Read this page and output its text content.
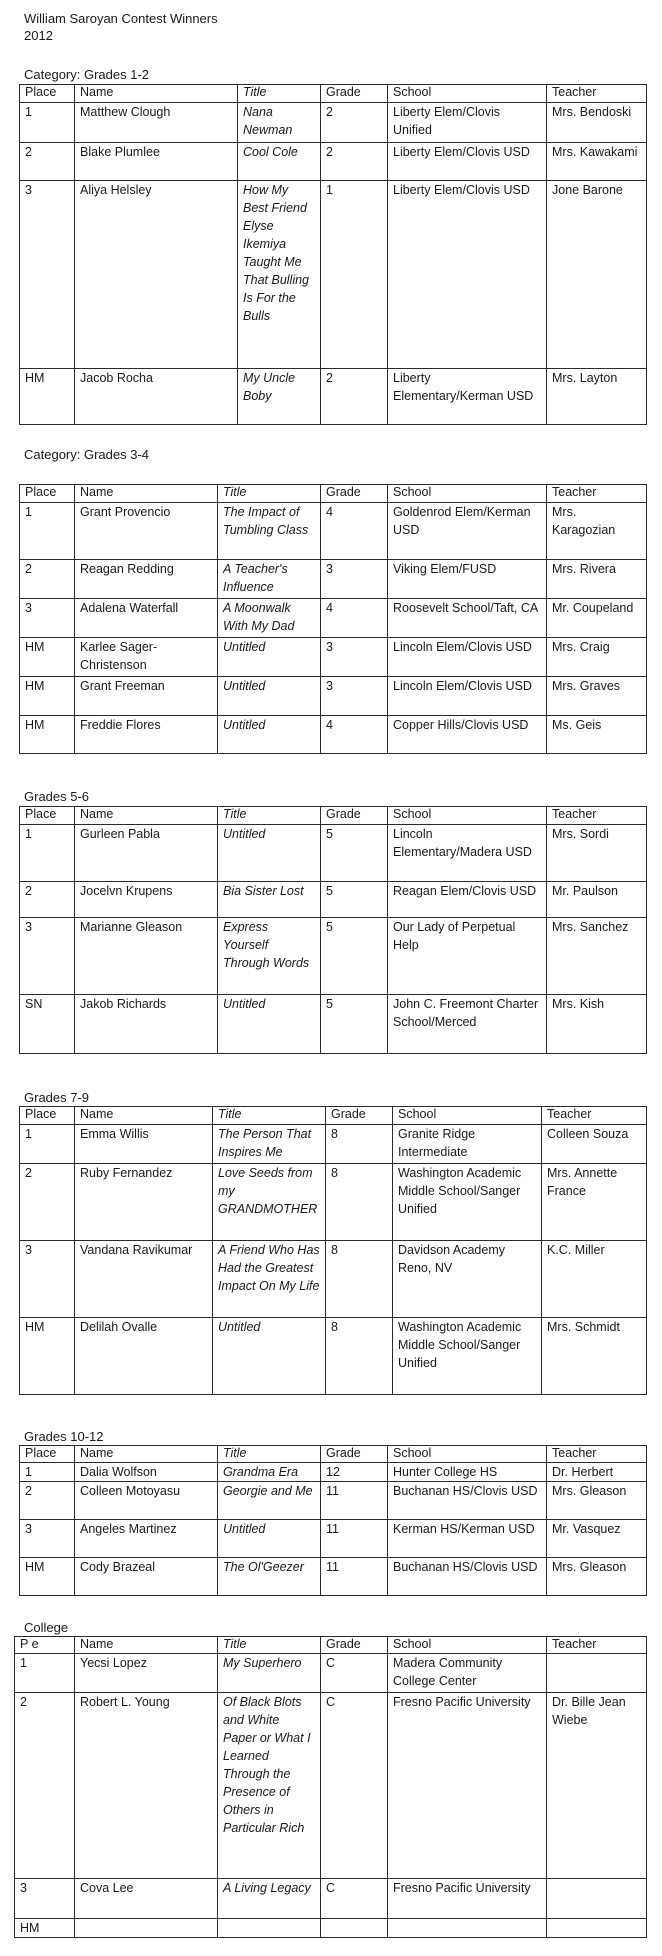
William Saroyan Contest Winners
2012
Category: Grades 1-2
Place	Name	Title	Grade	School	Teacher
1	Matthew Clough	Nana Newman	2	Liberty Elem/Clovis Unified	Mrs. Bendoski
2	Blake Plumlee	Cool Cole	2	Liberty Elem/Clovis USD	Mrs. Kawakami
3	Aliya Helsley	How My Best Friend Elyse Ikemiya Taught Me That Bulling Is For the Bulls	1	Liberty Elem/Clovis USD	Jone Barone
HM	Jacob Rocha	My Uncle Boby	2	Liberty Elementary/Kerman USD	Mrs. Layton
Category: Grades 3-4
Place	Name	Title	Grade	School	Teacher
1	Grant Provencio	The Impact of Tumbling Class	4	Goldenrod Elem/Kerman USD	Mrs. Karagozian
2	Reagan Redding	A Teacher's Influence	3	Viking Elem/FUSD	Mrs. Rivera
3	Adalena Waterfall	A Moonwalk With My Dad	4	Roosevelt School/Taft, CA	Mr. Coupeland
HM	Karlee Sager-Christenson	Untitled	3	Lincoln Elem/Clovis USD	Mrs. Craig
HM	Grant Freeman	Untitled	3	Lincoln Elem/Clovis USD	Mrs. Graves
HM	Freddie Flores	Untitled	4	Copper Hills/Clovis USD	Ms. Geis
Grades 5-6
Place	Name	Title	Grade	School	Teacher
1	Gurleen Pabla	Untitled	5	Lincoln Elementary/Madera USD	Mrs. Sordi
2	Jocelvn Krupens	Bia Sister Lost	5	Reagan Elem/Clovis USD	Mr. Paulson
3	Marianne Gleason	Express Yourself Through Words	5	Our Lady of Perpetual Help	Mrs. Sanchez
SN	Jakob Richards	Untitled	5	John C. Freemont Charter School/Merced	Mrs. Kish
Grades 7-9
Place	Name	Title	Grade	School	Teacher
1	Emma Willis	The Person That Inspires Me	8	Granite Ridge Intermediate	Colleen Souza
2	Ruby Fernandez	Love Seeds from my GRANDMOTHER	8	Washington Academic Middle School/Sanger Unified	Mrs. Annette France
3	Vandana Ravikumar	A Friend Who Has Had the Greatest Impact On My Life	8	Davidson Academy Reno, NV	K.C. Miller
HM	Delilah Ovalle	Untitled	8	Washington Academic Middle School/Sanger Unified	Mrs. Schmidt
Grades 10-12
Place	Name	Title	Grade	School	Teacher
1	Dalia Wolfson	Grandma Era	12	Hunter College HS	Dr. Herbert
2	Colleen Motoyasu	Georgie and Me	11	Buchanan HS/Clovis USD	Mrs. Gleason
3	Angeles Martinez	Untitled	11	Kerman HS/Kerman USD	Mr. Vasquez
HM	Cody Brazeal	The Ol'Geezer	11	Buchanan HS/Clovis USD	Mrs. Gleason
College
P e	Name	Title	Grade	School	Teacher
1	Yecsi Lopez	My Superhero	C	Madera Community College Center	
2	Robert L. Young	Of Black Blots and White Paper or What I Learned Through the Presence of Others in Particular Rich	C	Fresno Pacific University	Dr. Bille Jean Wiebe
3	Cova Lee	A Living Legacy	C	Fresno Pacific University	
HM					
